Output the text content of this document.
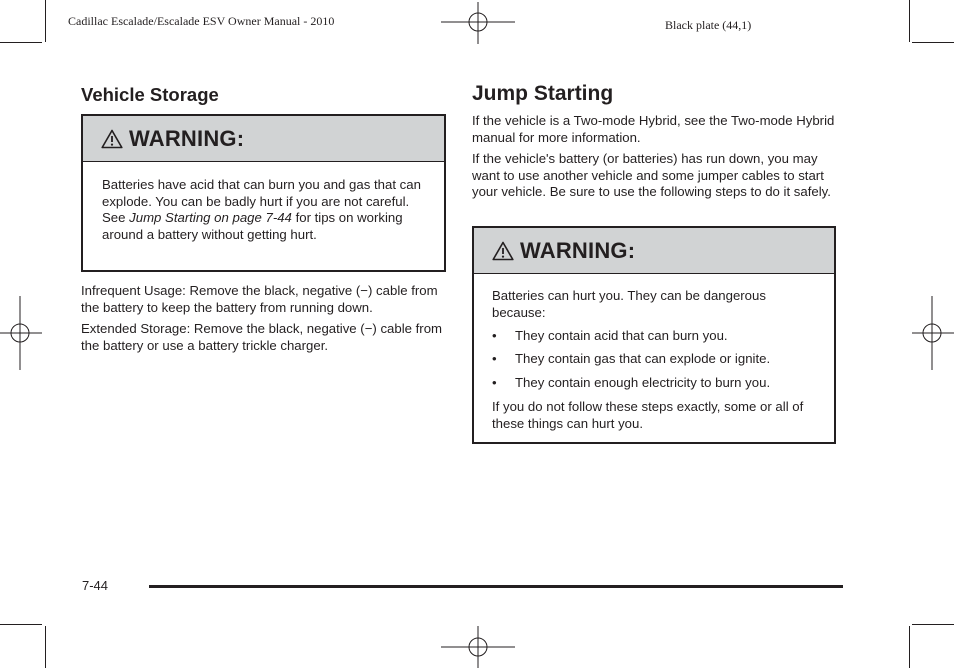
Cadillac Escalade/Escalade ESV Owner Manual - 2010	Black plate (44,1)
Vehicle Storage
WARNING:

Batteries have acid that can burn you and gas that can explode. You can be badly hurt if you are not careful. See Jump Starting on page 7-44 for tips on working around a battery without getting hurt.

Infrequent Usage: Remove the black, negative (−) cable from the battery to keep the battery from running down.

Extended Storage: Remove the black, negative (−) cable from the battery or use a battery trickle charger.

Jump Starting

If the vehicle is a Two-mode Hybrid, see the Two-mode Hybrid manual for more information.

If the vehicle's battery (or batteries) has run down, you may want to use another vehicle and some jumper cables to start your vehicle. Be sure to use the following steps to do it safely.

WARNING:

Batteries can hurt you. They can be dangerous because:

•	They contain acid that can burn you.
•	They contain gas that can explode or ignite.
•	They contain enough electricity to burn you.

If you do not follow these steps exactly, some or all of these things can hurt you.

7-44
